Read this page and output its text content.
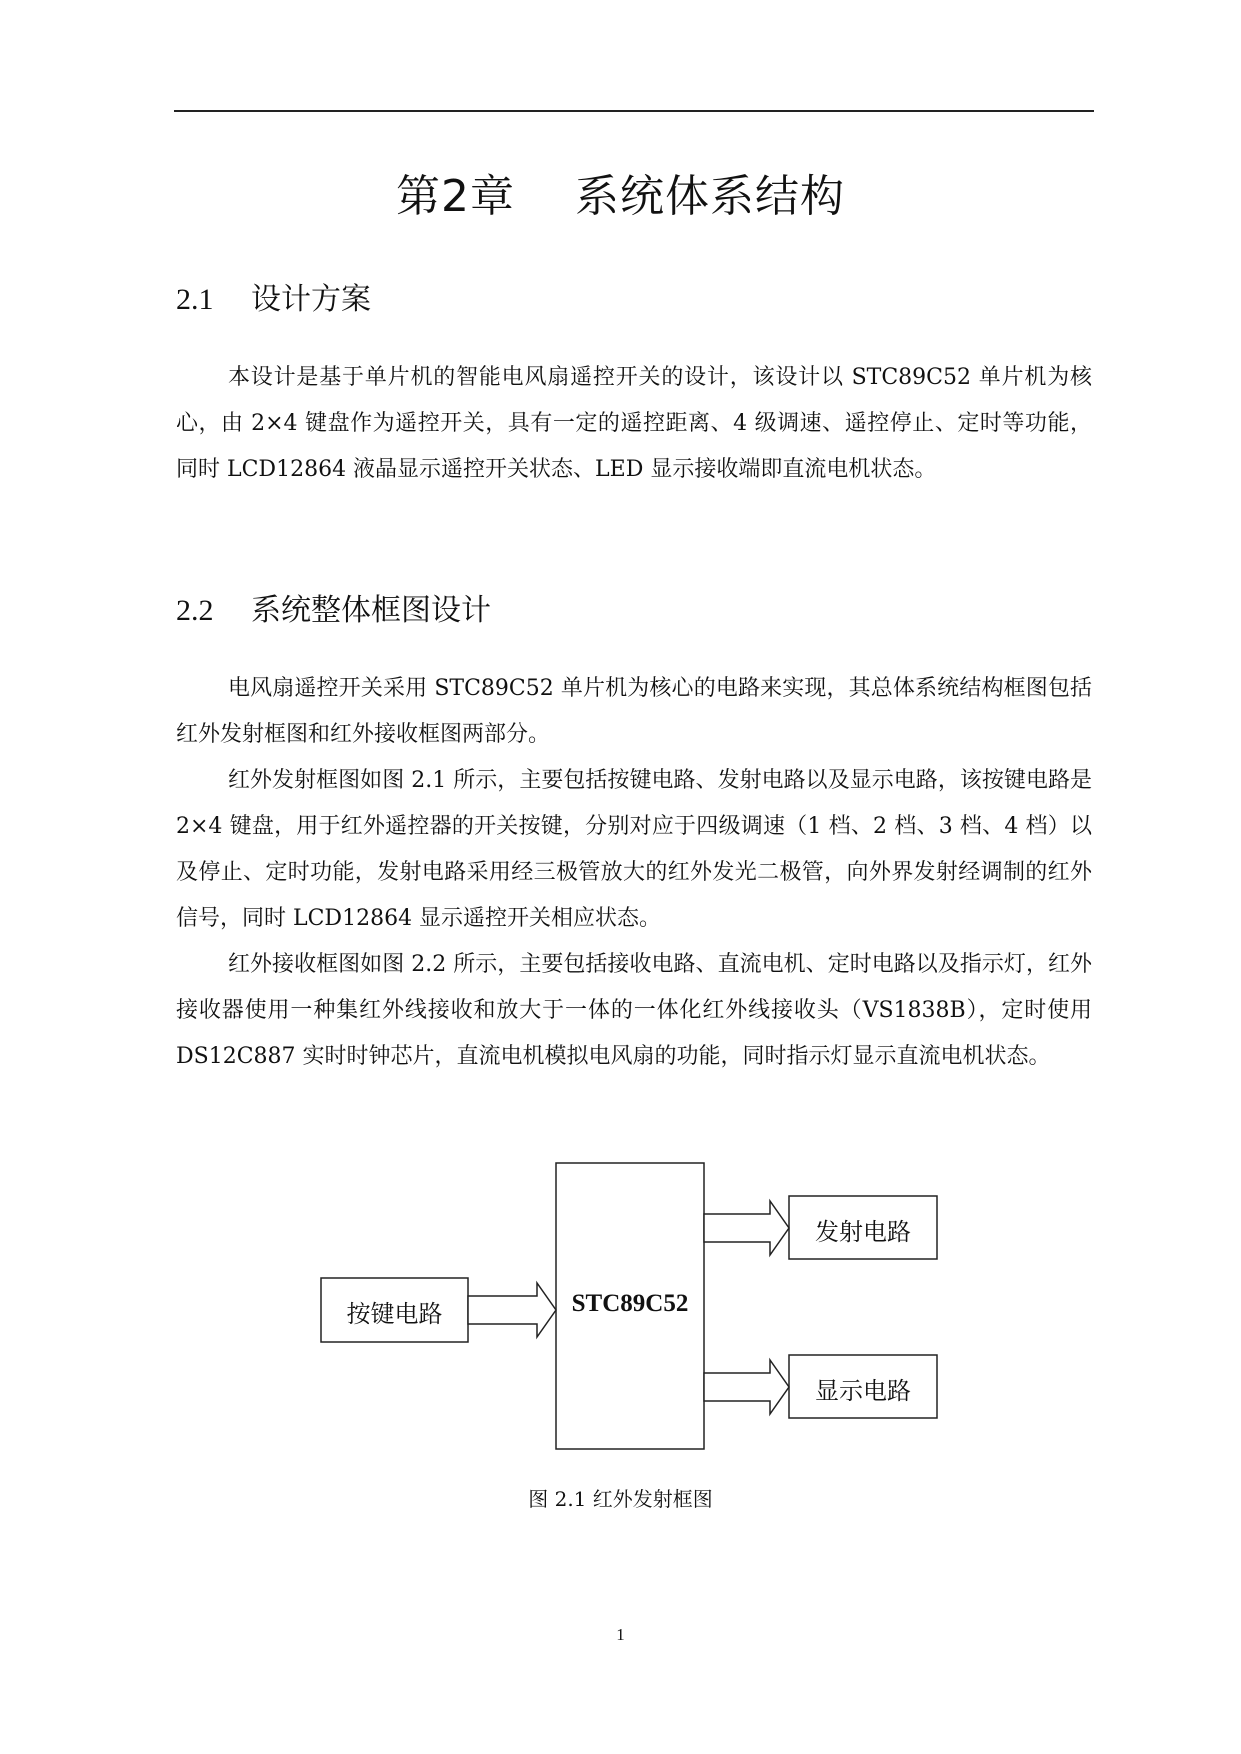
第2章 系统体系结构
2.1 设计方案

本设计是基于单片机的智能电风扇遥控开关的设计，该设计以 STC89C52 单片机为核心，由 2×4 键盘作为遥控开关，具有一定的遥控距离、4 级调速、遥控停止、定时等功能，同时 LCD12864 液晶显示遥控开关状态、LED 显示接收端即直流电机状态。

2.2 系统整体框图设计

电风扇遥控开关采用 STC89C52 单片机为核心的电路来实现，其总体系统结构框图包括红外发射框图和红外接收框图两部分。

红外发射框图如图 2.1 所示，主要包括按键电路、发射电路以及显示电路，该按键电路是 2×4 键盘，用于红外遥控器的开关按键，分别对应于四级调速（1 档、2 档、3 档、4 档）以及停止、定时功能，发射电路采用经三极管放大的红外发光二极管，向外界发射经调制的红外信号，同时 LCD12864 显示遥控开关相应状态。

红外接收框图如图 2.2 所示，主要包括接收电路、直流电机、定时电路以及指示灯，红外接收器使用一种集红外线接收和放大于一体的一体化红外线接收头（VS1838B），定时使用 DS12C887 实时时钟芯片，直流电机模拟电风扇的功能，同时指示灯显示直流电机状态。

按键电路	STC89C52
发射电路
显示电路
图 2.1 红外发射框图
1
